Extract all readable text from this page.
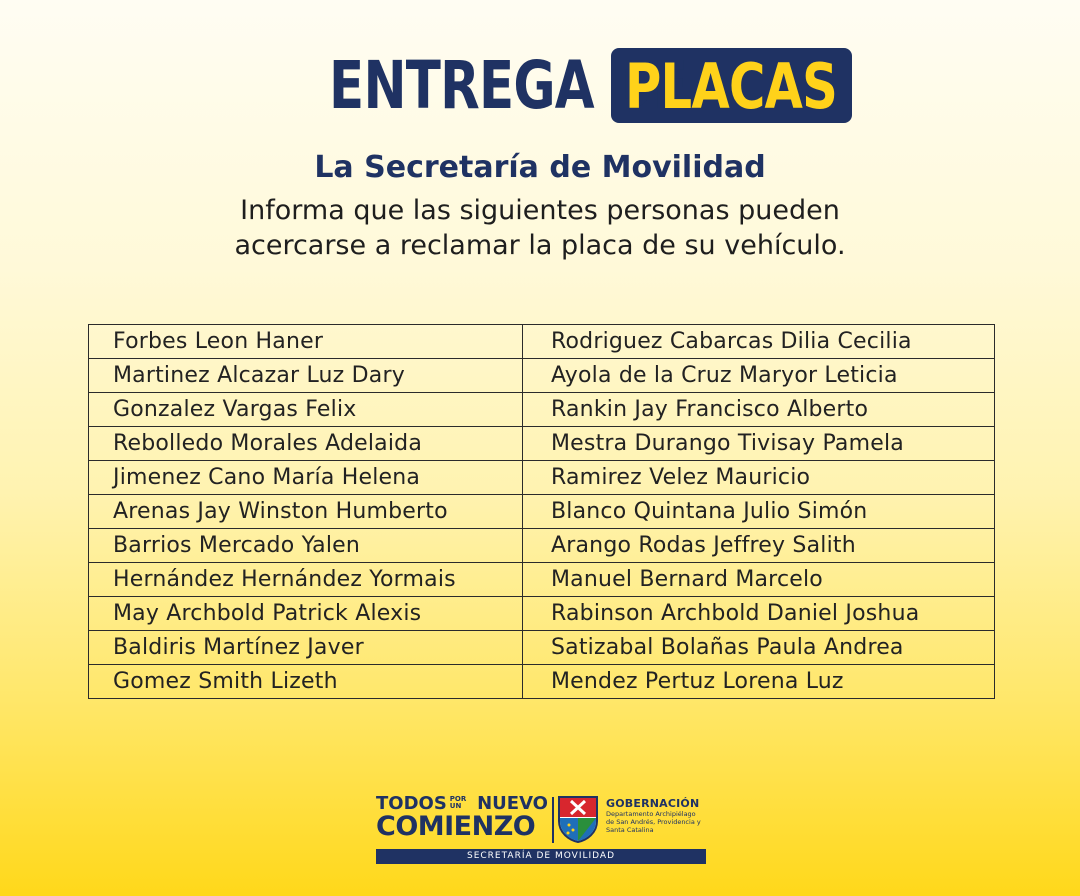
ENTREGA DE
PLACAS
La Secretaría de Movilidad
Informa que las siguientes personas pueden
acercarse a reclamar la placa de su vehículo.
Forbes Leon Haner	Rodriguez Cabarcas Dilia Cecilia
Martinez Alcazar Luz Dary	Ayola de la Cruz Maryor Leticia
Gonzalez Vargas Felix	Rankin Jay Francisco Alberto
Rebolledo Morales Adelaida	Mestra Durango Tivisay Pamela
Jimenez Cano María Helena	Ramirez Velez Mauricio
Arenas Jay Winston Humberto	Blanco Quintana Julio Simón
Barrios Mercado Yalen	Arango Rodas Jeffrey Salith
Hernández Hernández Yormais	Manuel Bernard Marcelo
May Archbold Patrick Alexis	Rabinson Archbold Daniel Joshua
Baldiris Martínez Javer	Satizabal Bolañas Paula Andrea
Gomez Smith Lizeth	Mendez Pertuz Lorena Luz
TODOS POR UN NUEVO
COMIENZO
GOBERNACIÓN
Departamento Archipiélago
de San Andrés, Providencia y
Santa Catalina
SECRETARÍA DE MOVILIDAD
